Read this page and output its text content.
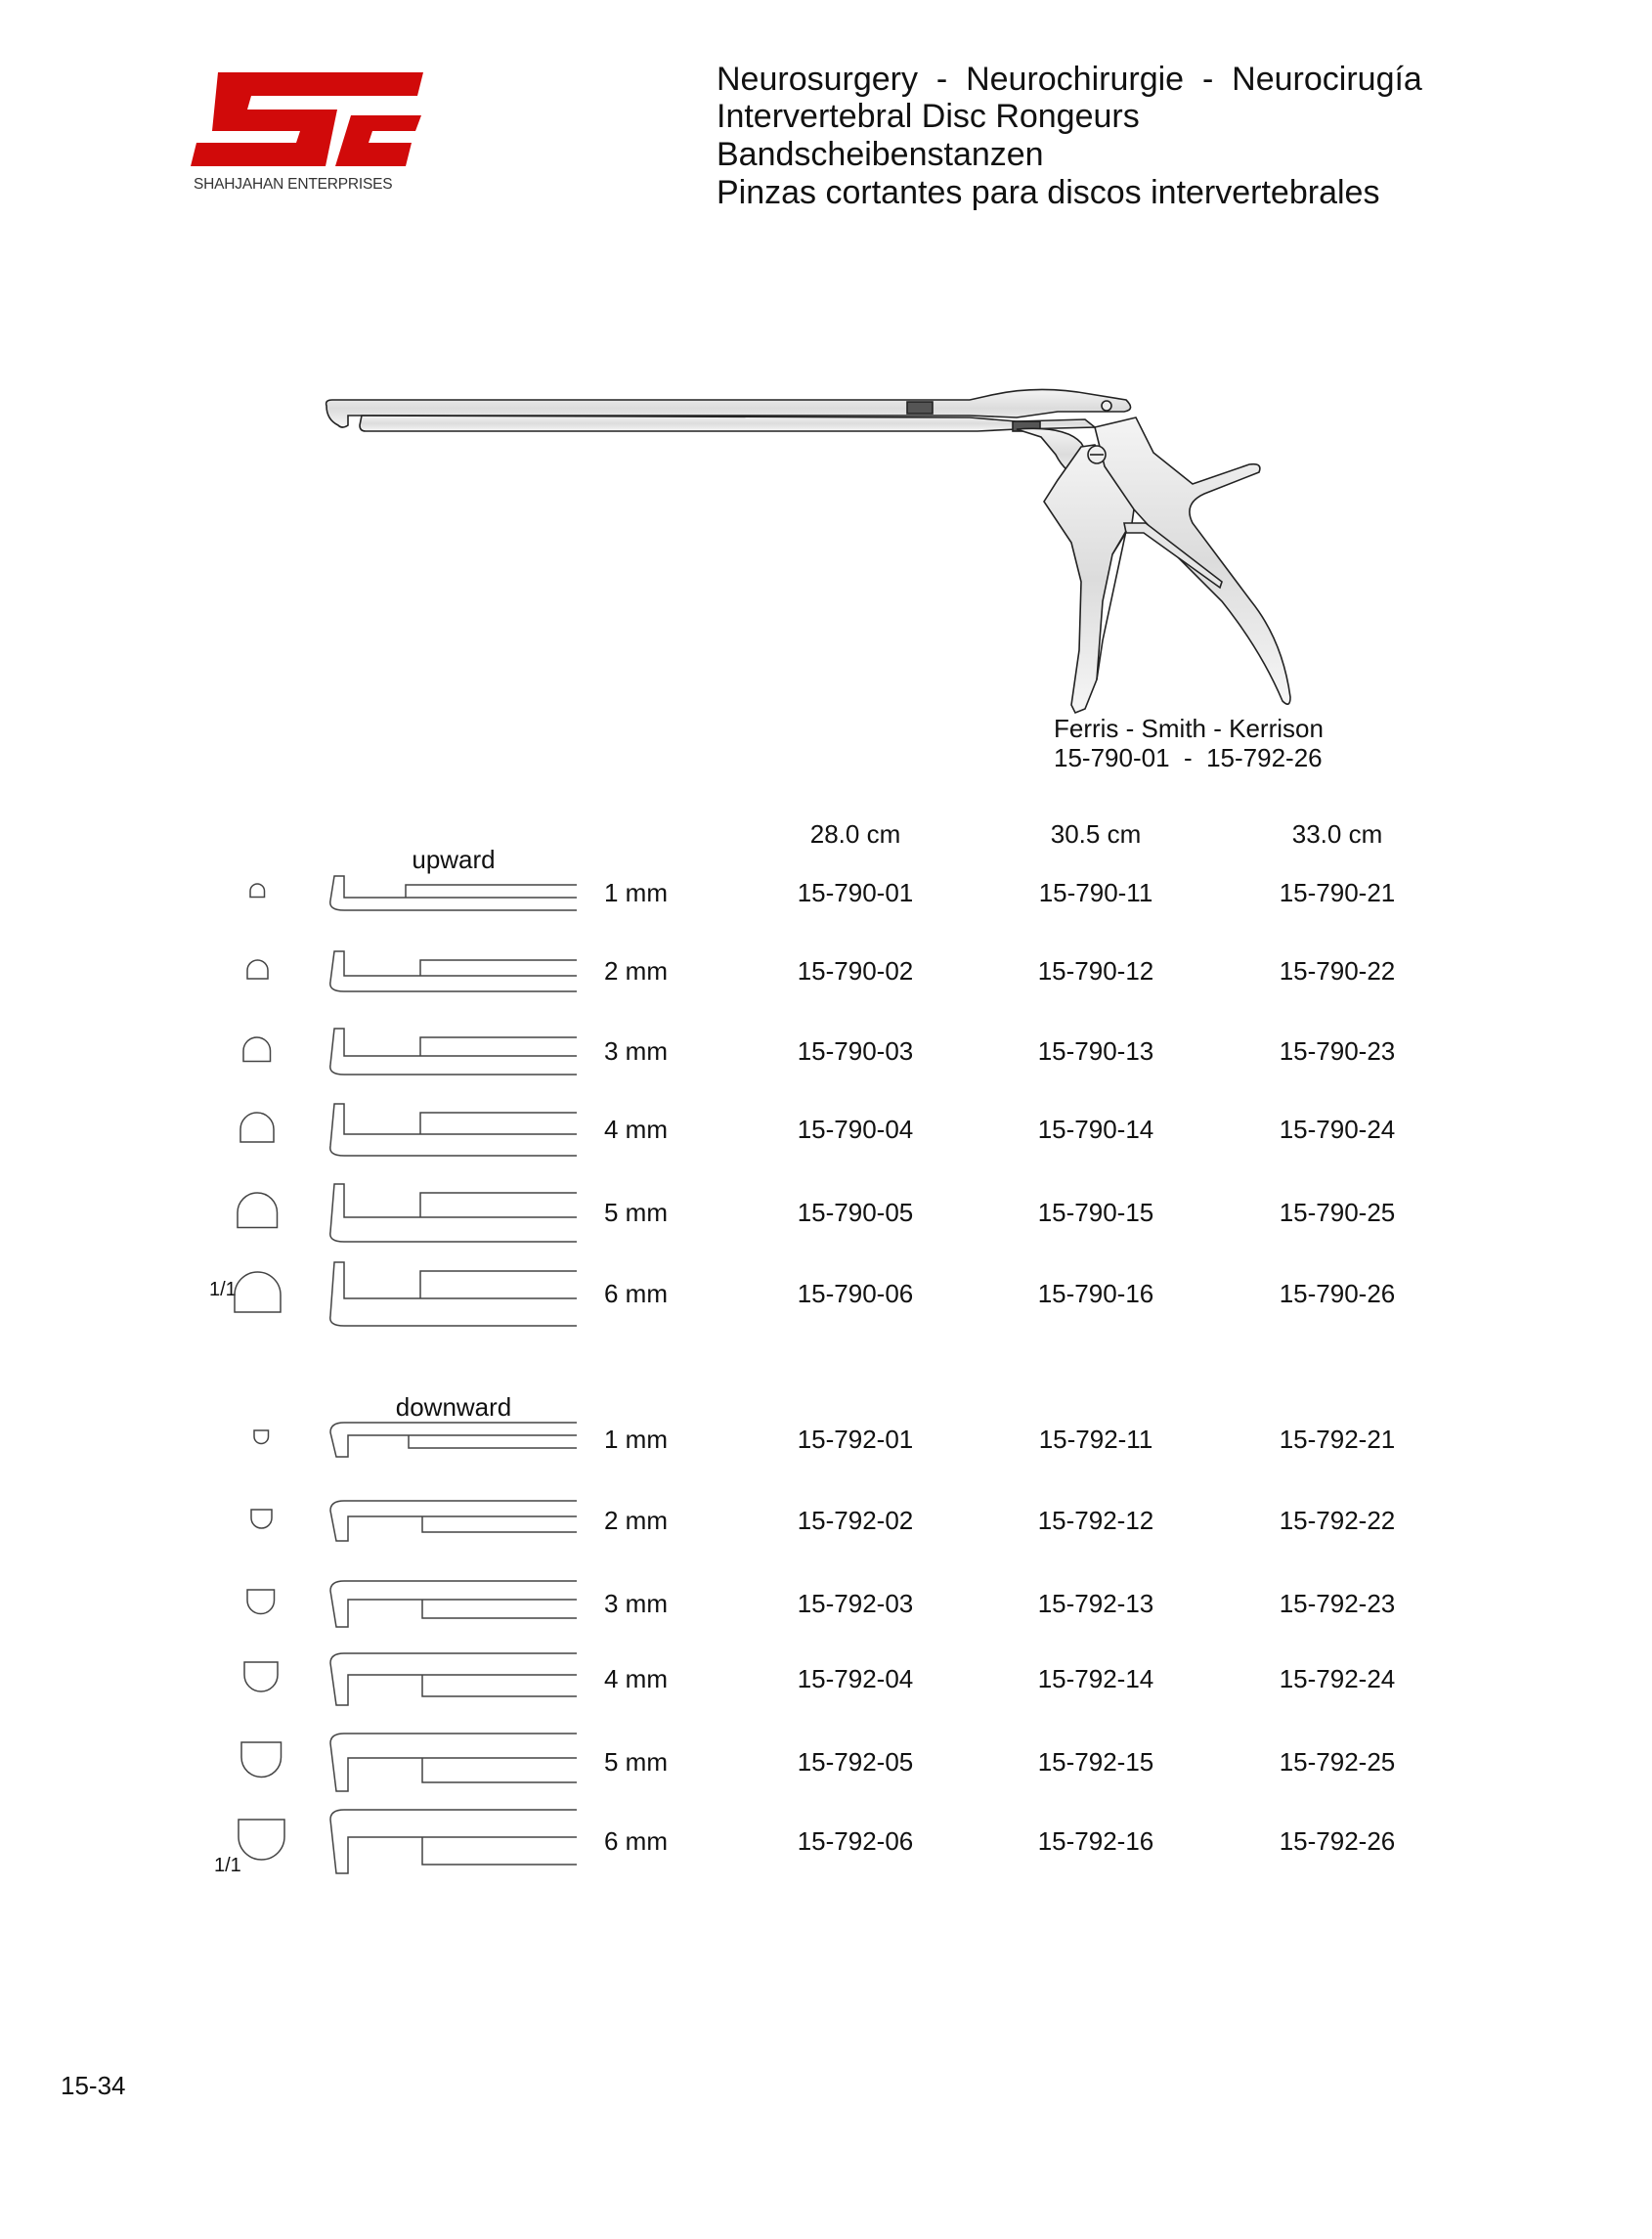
SHAHJAHAN ENTERPRISES
Neurosurgery  -  Neurochirurgie  -  Neurocirugía
Intervertebral Disc Rongeurs
Bandscheibenstanzen
Pinzas cortantes para discos intervertebrales
Ferris - Smith - Kerrison
15-790-01  -  15-792-26
28.0 cm	30.5 cm	33.0 cm
upward
downward
1/1
1/1
1 mm	15-790-01	15-790-11	15-790-21
2 mm	15-790-02	15-790-12	15-790-22
3 mm	15-790-03	15-790-13	15-790-23
4 mm	15-790-04	15-790-14	15-790-24
5 mm	15-790-05	15-790-15	15-790-25
6 mm	15-790-06	15-790-16	15-790-26
1 mm	15-792-01	15-792-11	15-792-21
2 mm	15-792-02	15-792-12	15-792-22
3 mm	15-792-03	15-792-13	15-792-23
4 mm	15-792-04	15-792-14	15-792-24
5 mm	15-792-05	15-792-15	15-792-25
6 mm	15-792-06	15-792-16	15-792-26
15-34
